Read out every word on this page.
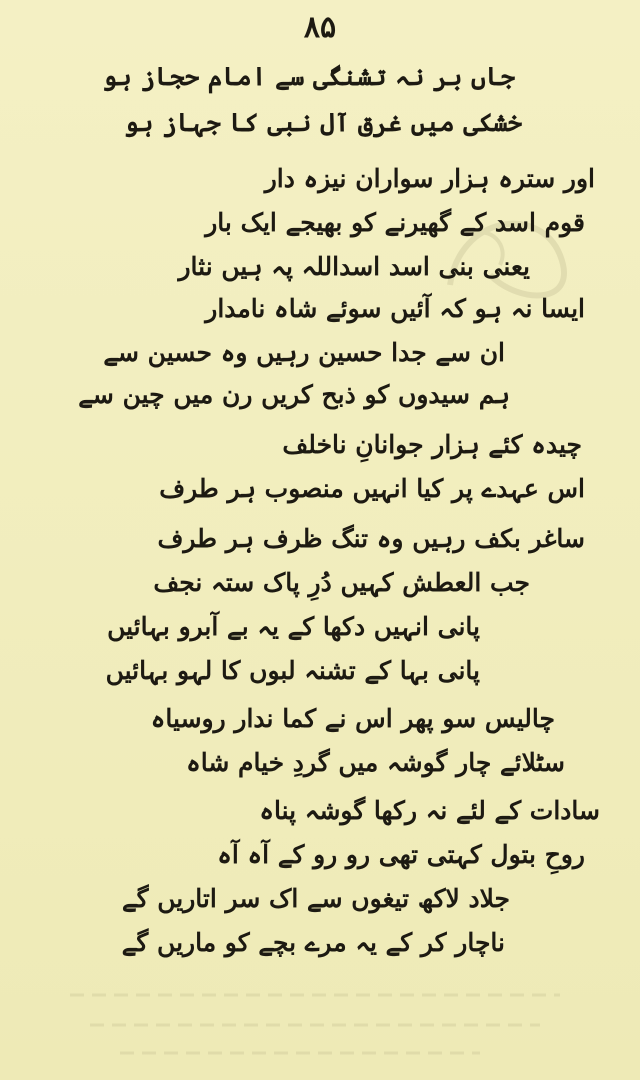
۸۵
جاں بر نہ تشنگی سے امام حجاز ہو
خشکی میں غرق آل نبی کا جہاز ہو
اور سترہ ہزار سواران نیزہ دار
قوم اسد کے گھیرنے کو بھیجے ایک بار
یعنی بنی اسد اسداللہ پہ ہیں نثار
ایسا نہ ہو کہ آئیں سوئے شاہ نامدار
ان سے جدا حسین رہیں وہ حسین سے
ہم سیدوں کو ذبح کریں رن میں چین سے
چیدہ کئے ہزار جوانانِ ناخلف
اس عہدے پر کیا انہیں منصوب ہر طرف
ساغر بکف رہیں وہ تنگ ظرف ہر طرف
جب العطش کہیں دُرِ پاک ستہ نجف
پانی انہیں دکھا کے یہ بے آبرو بہائیں
پانی بہا کے تشنہ لبوں کا لہو بہائیں
چالیس سو پھر اس نے کما ندار روسیاہ
سٹلائے چار گوشہ میں گردِ خیام شاہ
سادات کے لئے نہ رکھا گوشہ پناہ
روحِ بتول کہتی تھی رو رو کے آہ آہ
جلاد لاکھ تیغوں سے اک سر اتاریں گے
ناچار کر کے یہ مرے بچے کو ماریں گے
